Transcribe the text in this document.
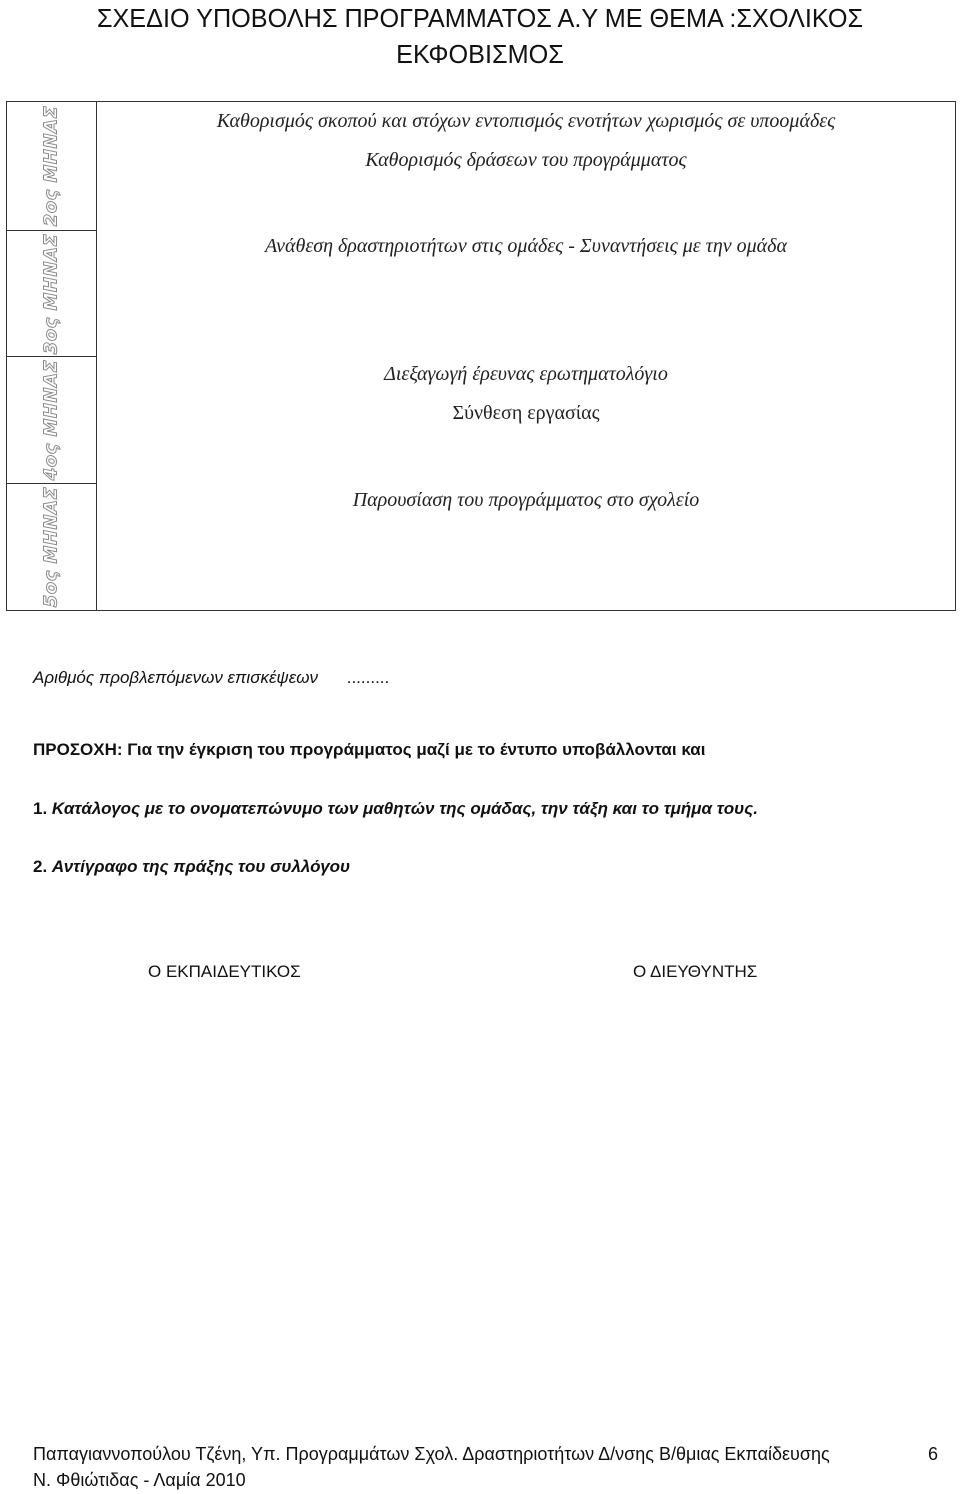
ΣΧΕΔΙΟ ΥΠΟΒΟΛΗΣ ΠΡΟΓΡΑΜΜΑΤΟΣ Α.Υ ΜΕ ΘΕΜΑ :ΣΧΟΛΙΚΟΣ
ΕΚΦΟΒΙΣΜΟΣ
2ος ΜΗΝΑΣ
3ος ΜΗΝΑΣ
4ος ΜΗΝΑΣ
5ος ΜΗΝΑΣ
Καθορισμός σκοπού και στόχων εντοπισμός ενοτήτων χωρισμός σε υποομάδες
Καθορισμός δράσεων του προγράμματος
Ανάθεση δραστηριοτήτων στις ομάδες - Συναντήσεις με την ομάδα
Διεξαγωγή έρευνας ερωτηματολόγιο
Σύνθεση εργασίας
Παρουσίαση του προγράμματος στο σχολείο
Αριθμός προβλεπόμενων επισκέψεων .........
ΠΡΟΣΟΧΗ: Για την έγκριση του προγράμματος μαζί με το έντυπο υποβάλλονται και
1. Κατάλογος με το ονοματεπώνυμο των μαθητών της ομάδας, την τάξη και το τμήμα τους.
2. Αντίγραφο της πράξης του συλλόγου
Ο ΕΚΠΑΙΔΕΥΤΙΚΟΣ	Ο ΔΙΕΥΘΥΝΤΗΣ
Παπαγιαννοπούλου Τζένη, Υπ. Προγραμμάτων Σχολ. Δραστηριοτήτων Δ/νσης Β/θμιας Εκπαίδευσης
Ν. Φθιώτιδας - Λαμία 2010
6
